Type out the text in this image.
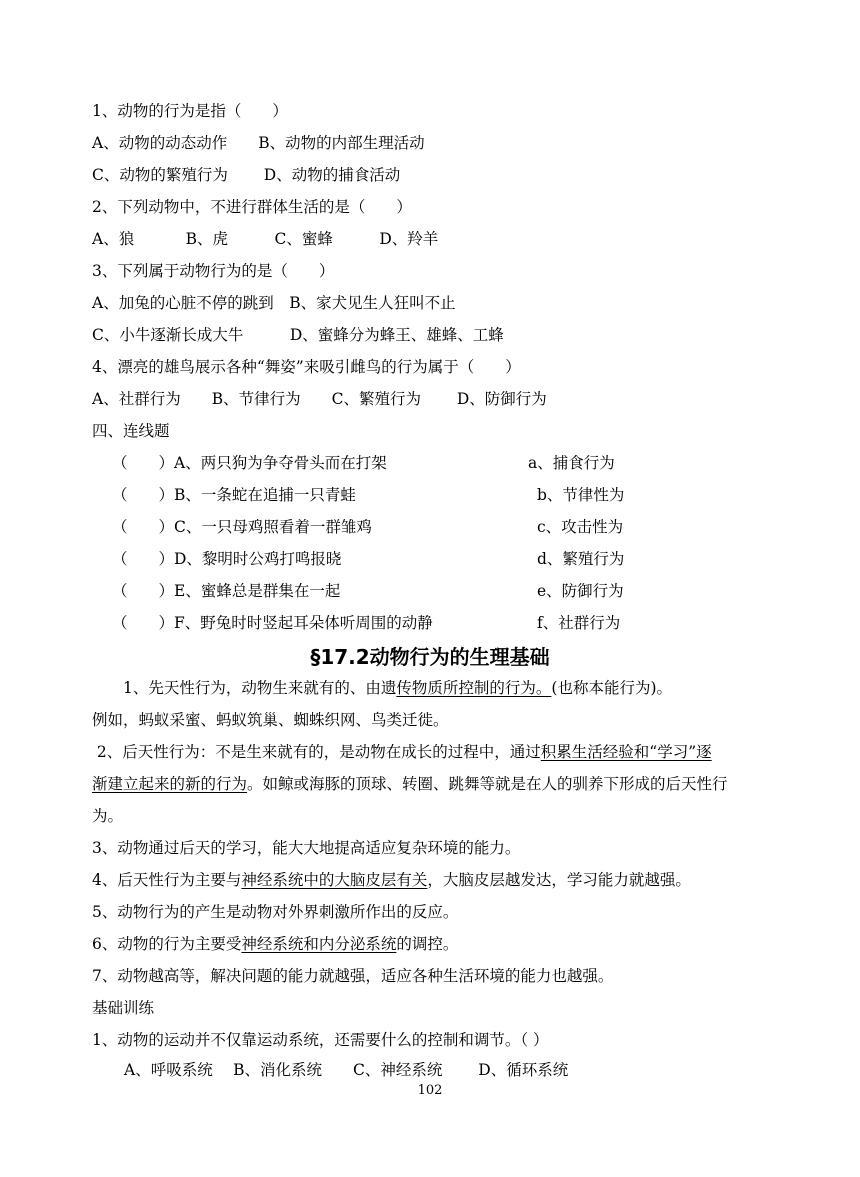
1、动物的行为是指（　　）
A、动物的动态动作　　B、动物的内部生理活动
C、动物的繁殖行为　　 D、动物的捕食活动
2、下列动物中，不进行群体生活的是（　　）
A、狼　　　 B、虎　　　C、蜜蜂　　　D、羚羊
3、下列属于动物行为的是（　　）
A、加兔的心脏不停的跳到　B、家犬见生人狂叫不止
C、小牛逐渐长成大牛　　　D、蜜蜂分为蜂王、雄蜂、工蜂
4、漂亮的雄鸟展示各种“舞姿”来吸引雌鸟的行为属于（　　）
A、社群行为　　B、节律行为　　C、繁殖行为　　 D、防御行为
四、连线题
（　　）A、两只狗为争夺骨头而在打架	a、捕食行为
（　　）B、一条蛇在追捕一只青蛙	b、节律性为
（　　）C、一只母鸡照看着一群雏鸡	c、攻击性为
（　　）D、黎明时公鸡打鸣报晓	d、繁殖行为
（　　）E、蜜蜂总是群集在一起	e、防御行为
（　　）F、野兔时时竖起耳朵体听周围的动静	f、社群行为
§17.2动物行为的生理基础
　　1、先天性行为，动物生来就有的、由遗传物质所控制的行为。(也称本能行为)。
例如，蚂蚁采蜜、蚂蚁筑巢、蜘蛛织网、鸟类迁徙。
2、后天性行为：不是生来就有的，是动物在成长的过程中，通过积累生活经验和“学习”逐
渐建立起来的新的行为。如鲸或海豚的顶球、转圈、跳舞等就是在人的驯养下形成的后天性行
为。
3、动物通过后天的学习，能大大地提高适应复杂环境的能力。
4、后天性行为主要与神经系统中的大脑皮层有关，大脑皮层越发达，学习能力就越强。
5、动物行为的产生是动物对外界刺激所作出的反应。
6、动物的行为主要受神经系统和内分泌系统的调控。
7、动物越高等，解决问题的能力就越强，适应各种生活环境的能力也越强。
基础训练
1、动物的运动并不仅靠运动系统，还需要什么的控制和调节。（ ）
A、呼吸系统　 B、消化系统　　C、神经系统　　 D、循环系统
102
